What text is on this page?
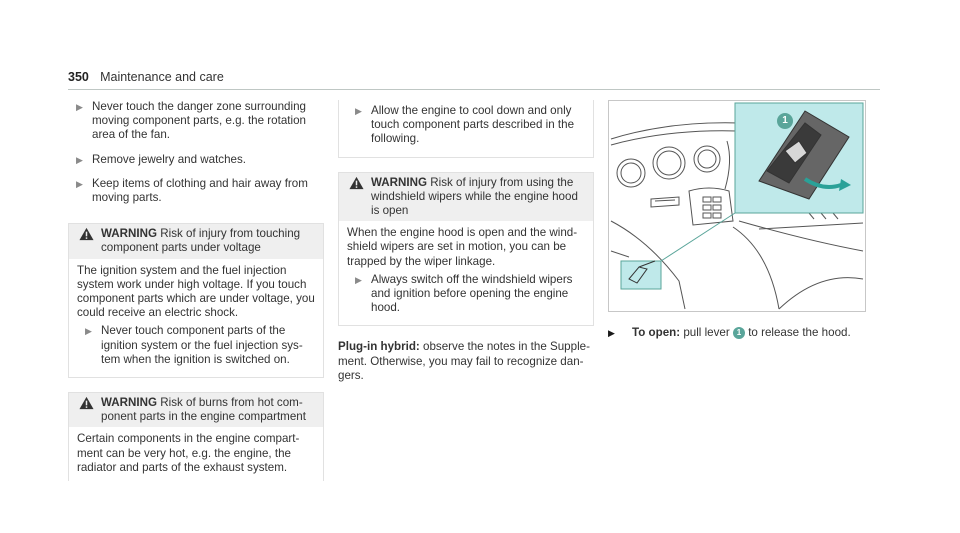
350 Maintenance and care
▶ Never touch the danger zone surrounding moving component parts, e.g. the rotation area of the fan.
▶ Remove jewelry and watches.
▶ Keep items of clothing and hair away from moving parts.
WARNING Risk of injury from touching component parts under voltage
The ignition system and the fuel injection system work under high voltage. If you touch component parts which are under voltage, you could receive an electric shock.
▶ Never touch component parts of the ignition system or the fuel injection system when the ignition is switched on.
WARNING Risk of burns from hot component parts in the engine compartment
Certain components in the engine compartment can be very hot, e.g. the engine, the radiator and parts of the exhaust system.
▶ Allow the engine to cool down and only touch component parts described in the following.
WARNING Risk of injury from using the windshield wipers while the engine hood is open
When the engine hood is open and the windshield wipers are set in motion, you can be trapped by the wiper linkage.
▶ Always switch off the windshield wipers and ignition before opening the engine hood.
Plug-in hybrid: observe the notes in the Supplement. Otherwise, you may fail to recognize dangers.
1
▶ To open: pull lever 1 to release the hood.
